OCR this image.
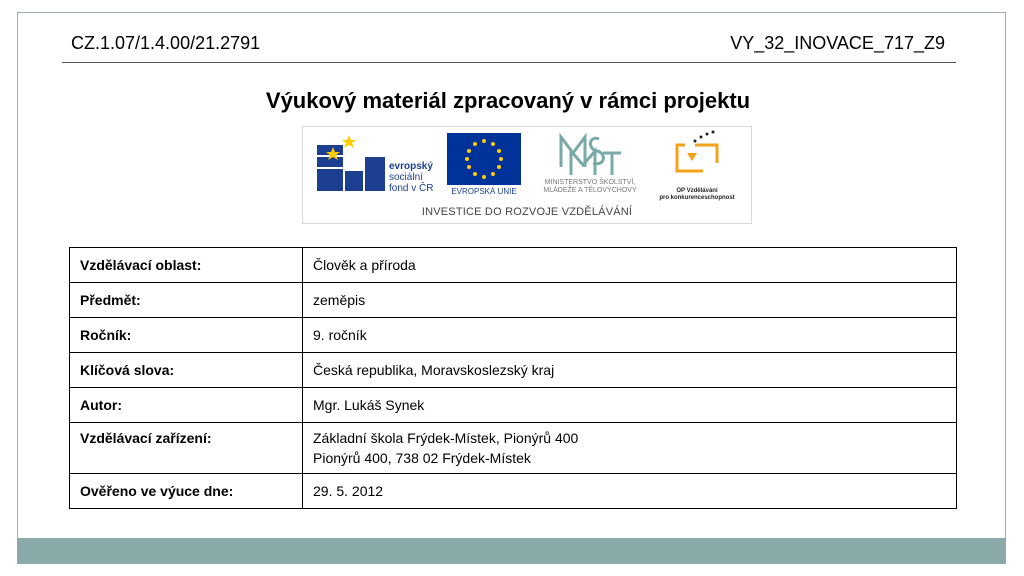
CZ.1.07/1.4.00/21.2791	VY_32_INOVACE_717_Z9
Výukový materiál zpracovaný v rámci projektu
evropský
sociální
fond v ČR	EVROPSKÁ UNIE
MINISTERSTVO ŠKOLSTVÍ,
MLÁDEŽE A TĚLOVÝCHOVY	OP Vzdělávání
pro konkurenceschopnost
INVESTICE DO ROZVOJE VZDĚLÁVÁNÍ
Vzdělávací oblast:	Člověk a příroda
Předmět:	zeměpis
Ročník:	9. ročník
Klíčová slova:	Česká republika, Moravskoslezský kraj
Autor:	Mgr. Lukáš Synek
Vzdělávací zařízení:	Základní škola Frýdek-Místek, Pionýrů 400
Pionýrů 400, 738 02 Frýdek-Místek

Ověřeno ve výuce dne:	29. 5. 2012
